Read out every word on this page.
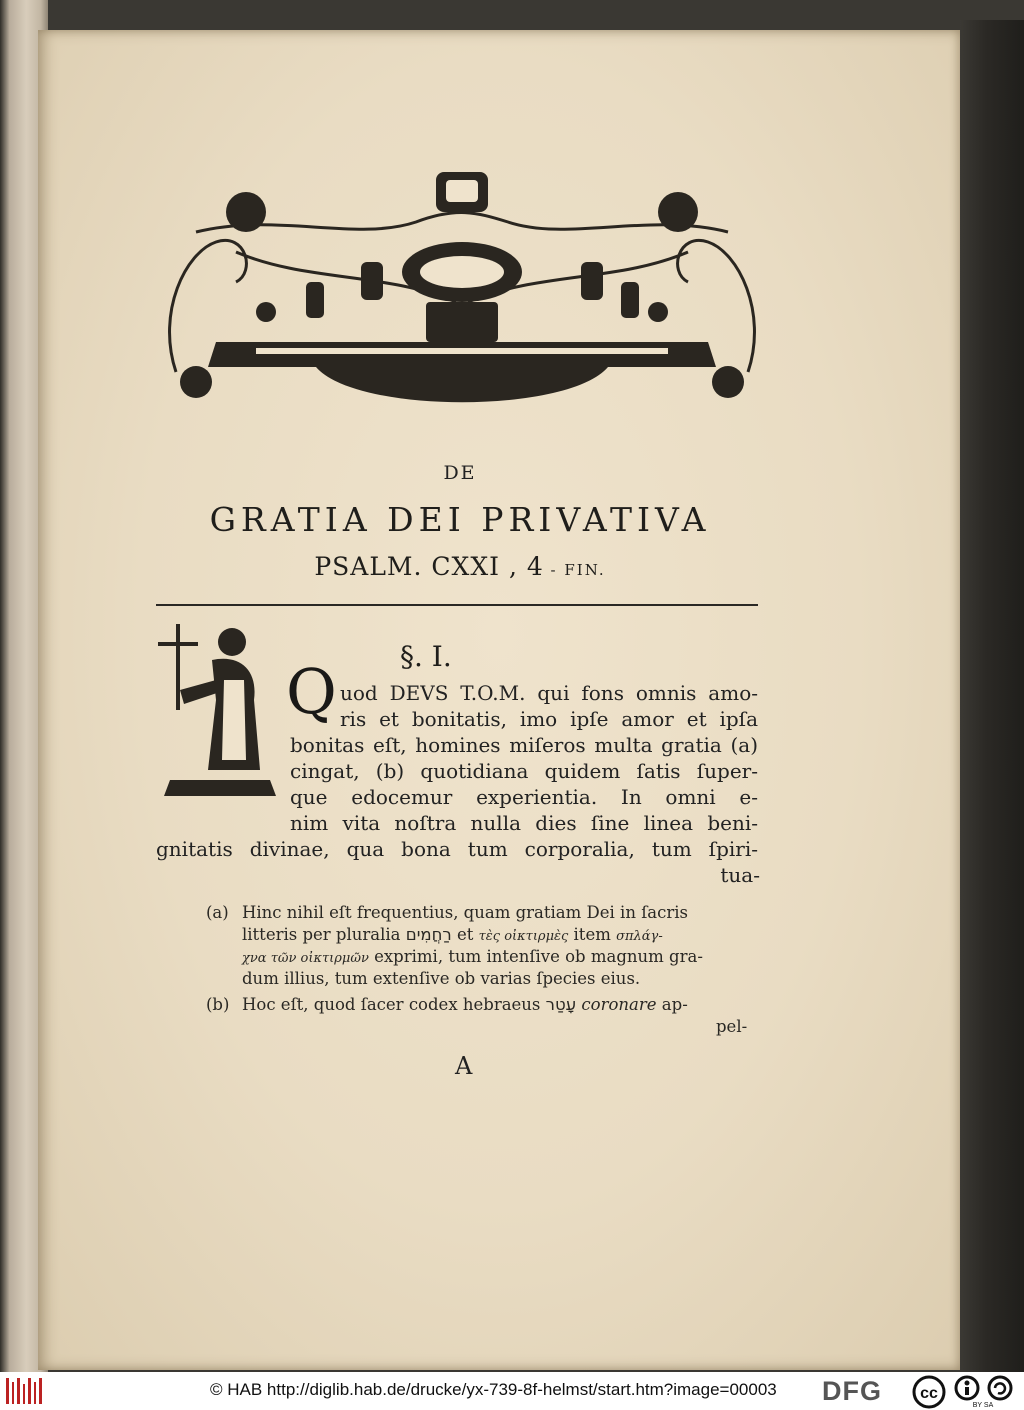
DE
GRATIA DEI PRIVATIVA
PSALM. CXXI , 4 - FIN.
§. I.
Q uod DEVS T.O.M. qui fons omnis amo-
ris et bonitatis, imo ipſe amor et ipſa
bonitas eſt, homines miſeros multa gratia (a)
cingat, (b) quotidiana quidem ſatis ſuper-
que edocemur experientia. In omni e-
nim vita noſtra nulla dies ſine linea beni-
gnitatis divinae, qua bona tum corporalia, tum ſpiri-
tua-
(a) Hinc nihil eſt frequentius, quam gratiam Dei in ſacris
litteris per pluralia רַחֲמִים et τὲς οἰκτιρμὲς item σπλάγ-
χνα τῶν οἰκτιρμῶν exprimi, tum intenſive ob magnum gra-
dum illius, tum extenſive ob varias ſpecies eius.
(b) Hoc eſt, quod ſacer codex hebraeus עָטַר coronare ap-
pel-
A
© HAB http://diglib.hab.de/drucke/yx-739-8f-helmst/start.htm?image=00003 DFG cc
BY SA
